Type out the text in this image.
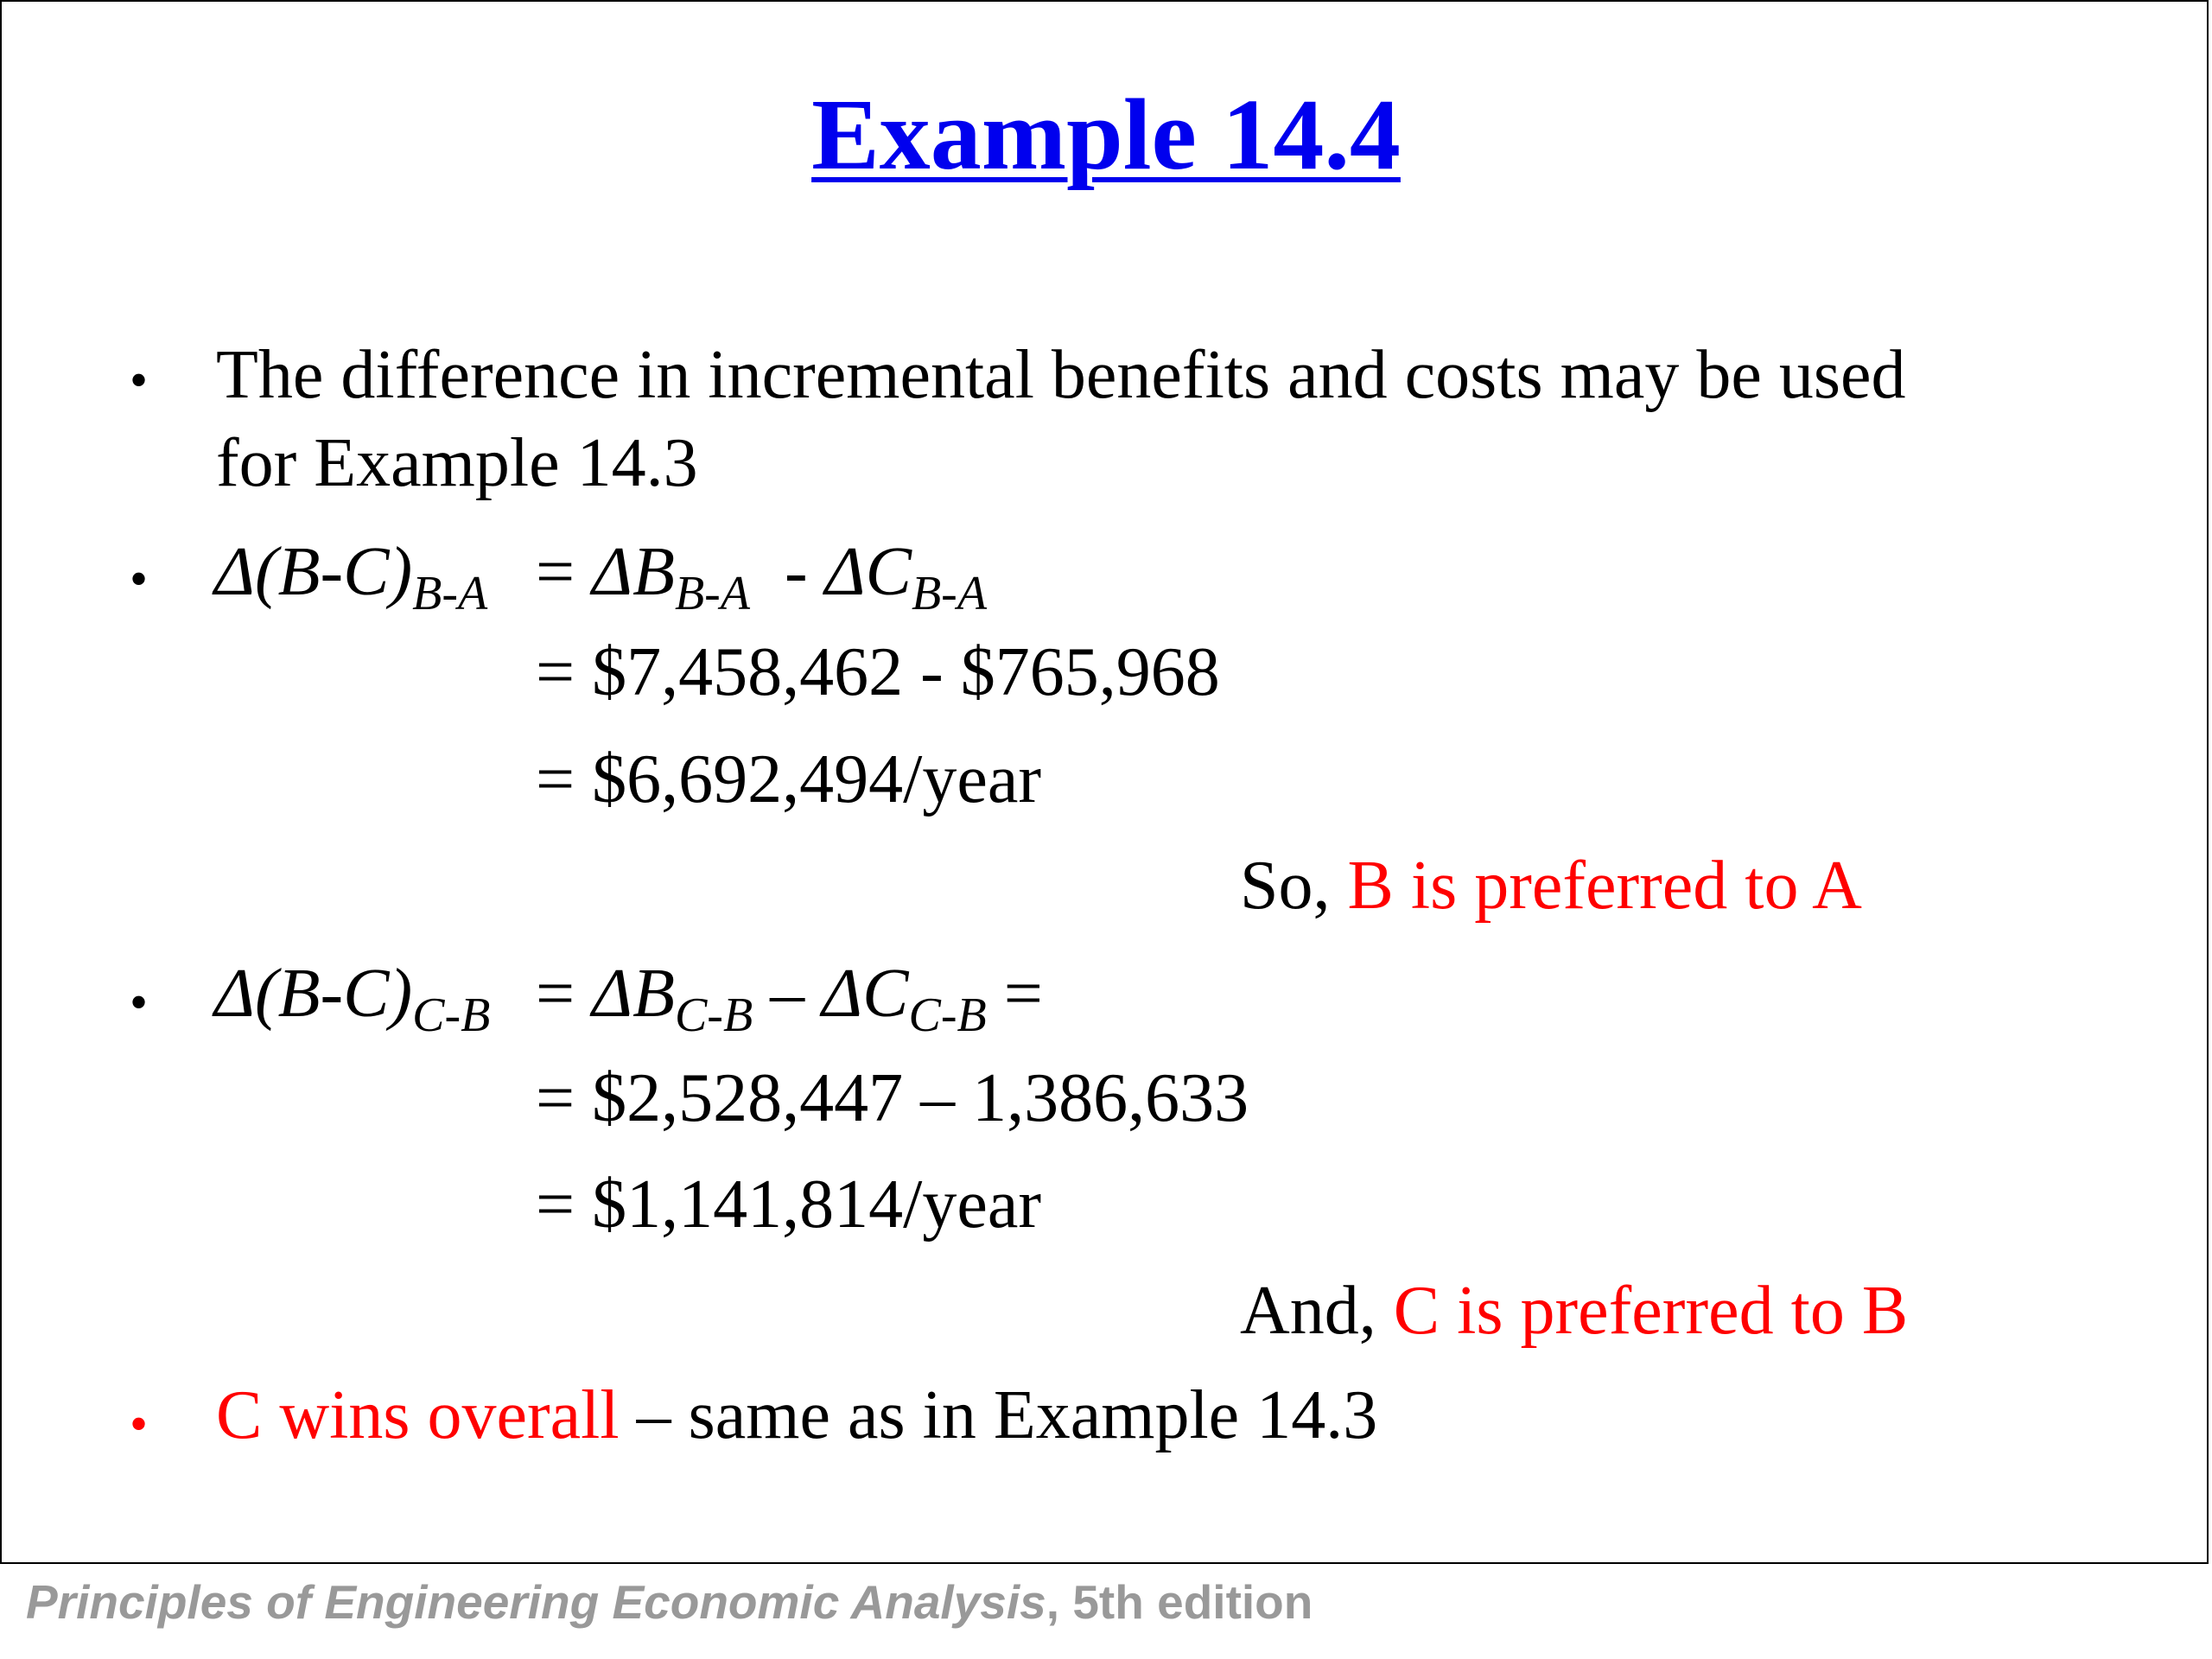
Example 14.4
• The difference in incremental benefits and costs may be used
for Example 14.3
• $\Delta(B-C)_{B-A} = \Delta B_{B-A} - \Delta C_{B-A}$
= $7,458,462 - $765,968
= $6,692,494/year
So, B is preferred to A
• $\Delta(B-C)_{C-B} = \Delta B_{C-B} - \Delta C_{C-B}$ =
= $2,528,447 – 1,386,633
= $1,141,814/year
And, C is preferred to B
• C wins overall – same as in Example 14.3
Principles of Engineering Economic Analysis, 5th edition
